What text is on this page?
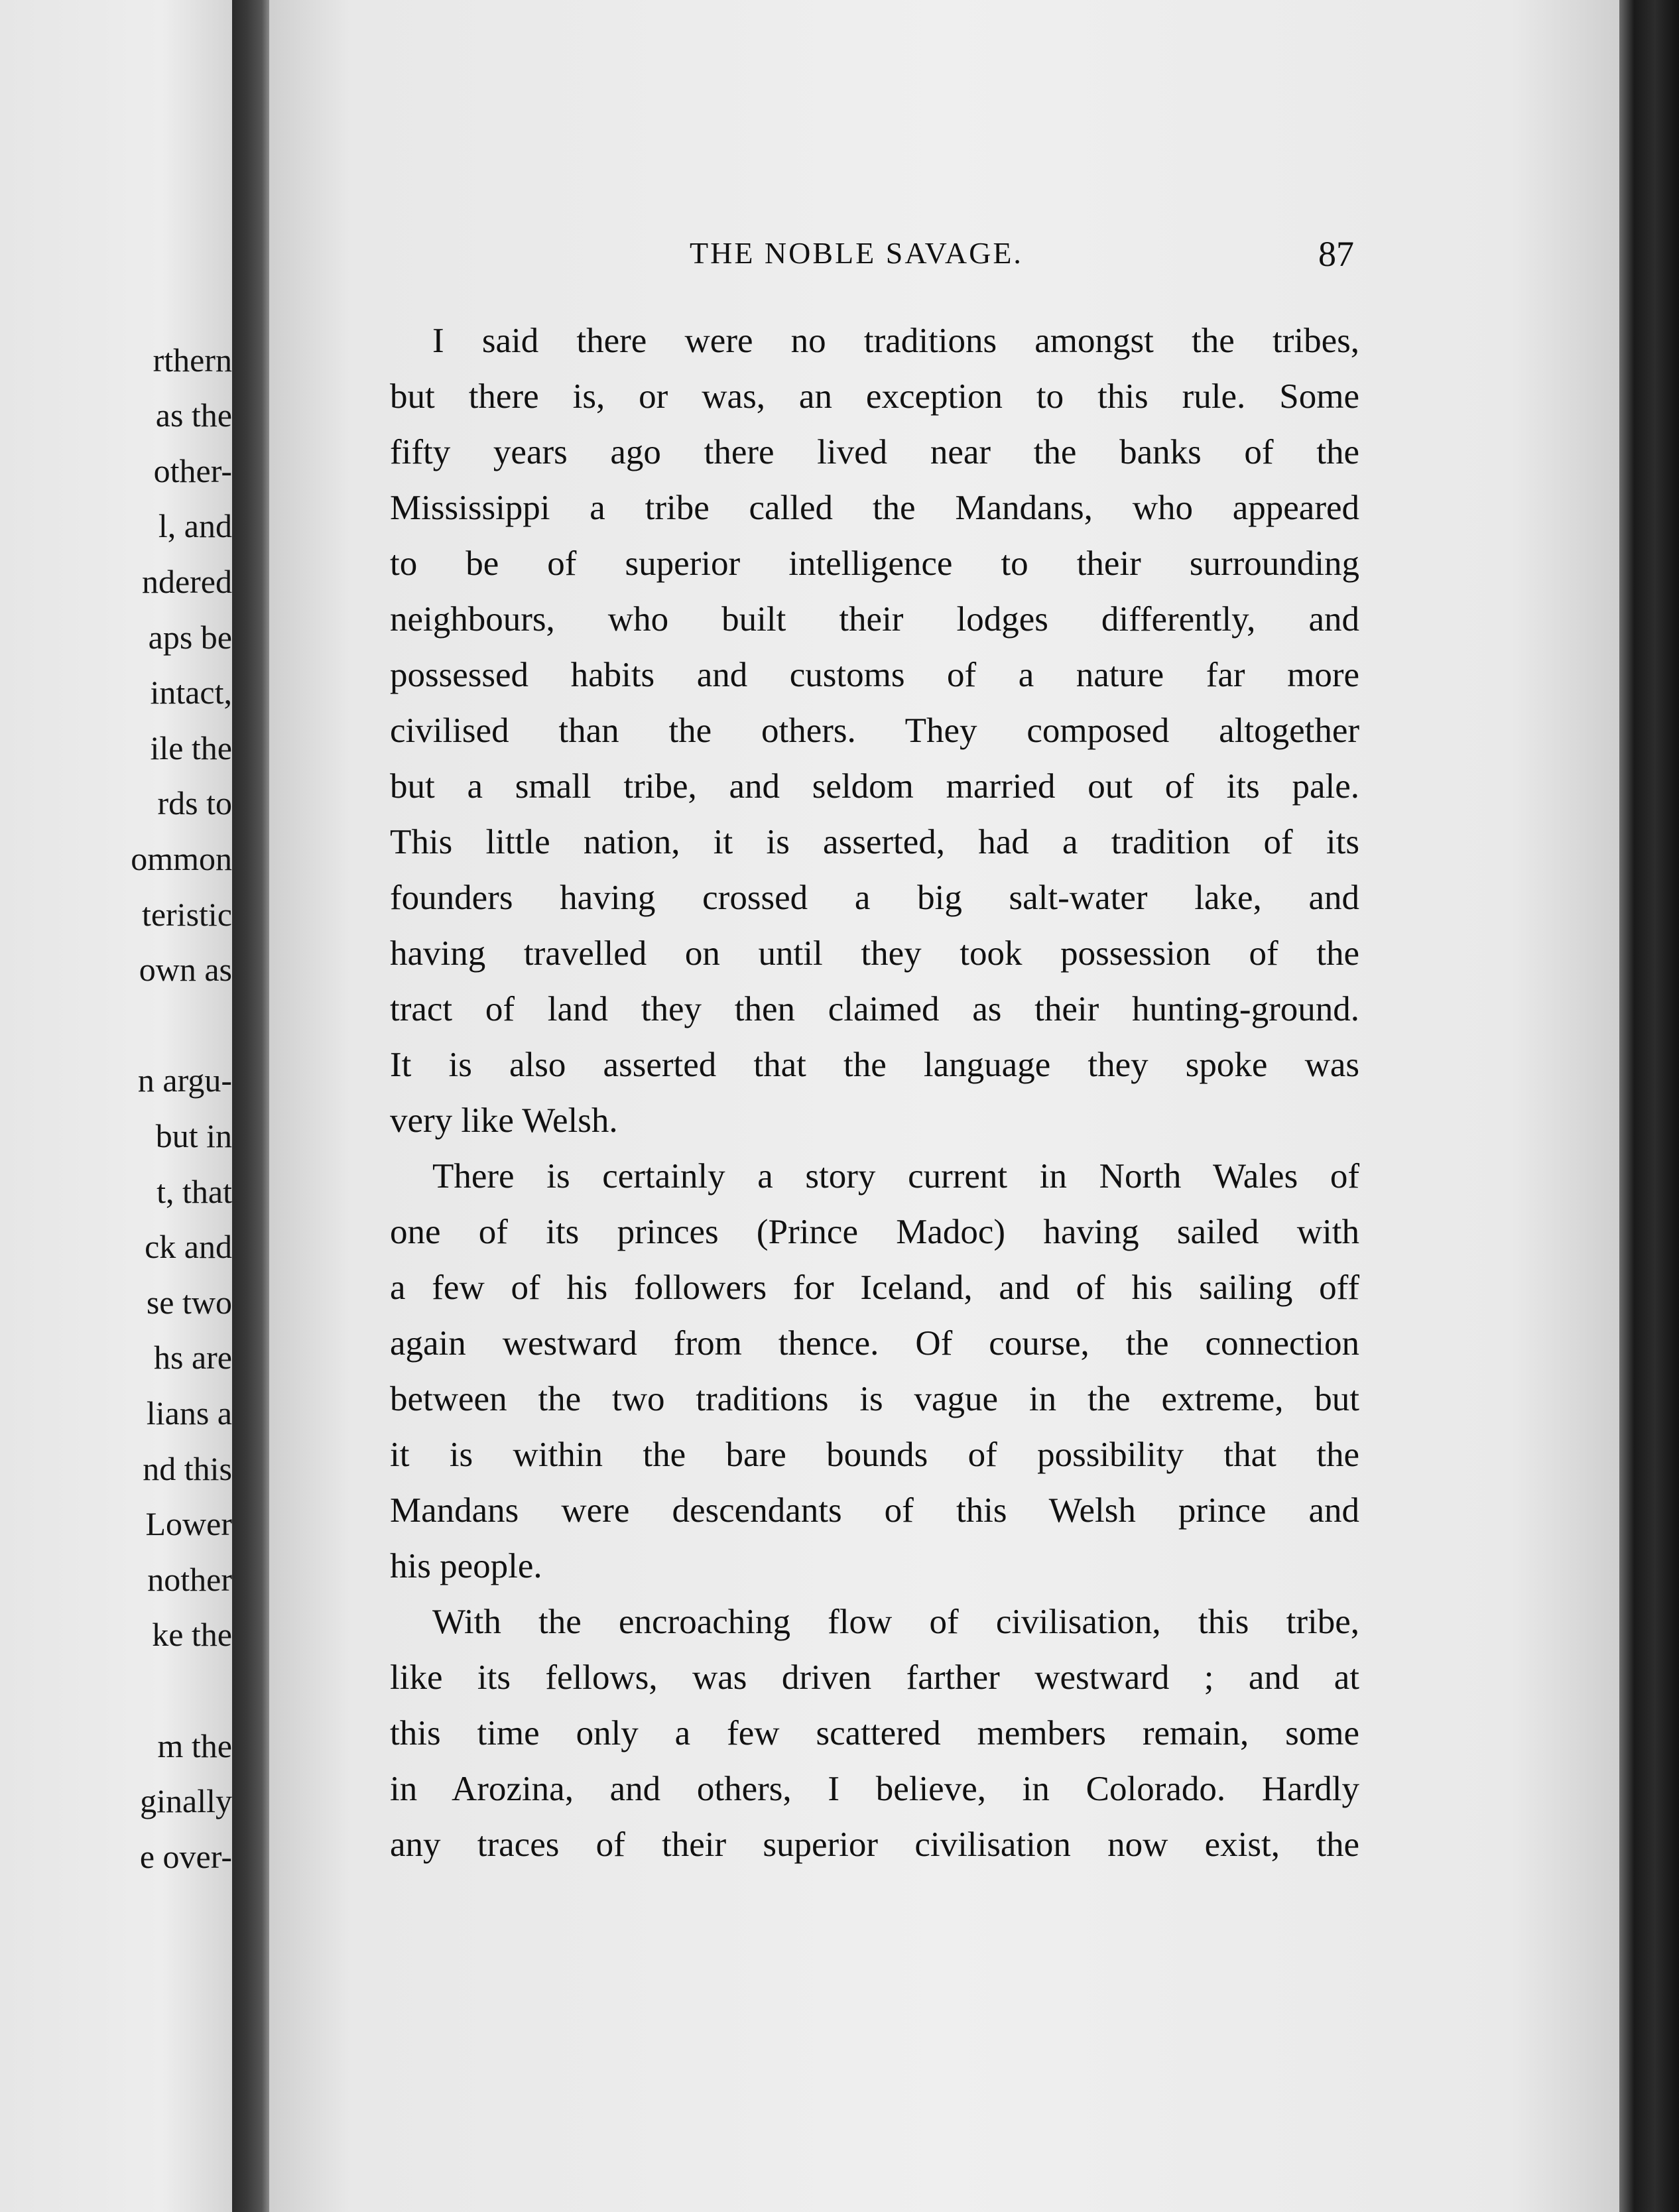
rthern
as the
other-
l, and
ndered
aps be
intact,
ile the
rds to
ommon
teristic
own as
n argu-
but in
t, that
ck and
se two
hs are
lians a
nd this
Lower
nother
ke the
m the
ginally
e over-
THE NOBLE SAVAGE.	87
I said there were no traditions amongst the tribes,
but there is, or was, an exception to this rule. Some
fifty years ago there lived near the banks of the
Mississippi a tribe called the Mandans, who appeared
to be of superior intelligence to their surrounding
neighbours, who built their lodges differently, and
possessed habits and customs of a nature far more
civilised than the others. They composed altogether
but a small tribe, and seldom married out of its pale.
This little nation, it is asserted, had a tradition of its
founders having crossed a big salt-water lake, and
having travelled on until they took possession of the
tract of land they then claimed as their hunting-ground.
It is also asserted that the language they spoke was
very like Welsh.
There is certainly a story current in North Wales of
one of its princes (Prince Madoc) having sailed with
a few of his followers for Iceland, and of his sailing off
again westward from thence. Of course, the connection
between the two traditions is vague in the extreme, but
it is within the bare bounds of possibility that the
Mandans were descendants of this Welsh prince and
his people.
With the encroaching flow of civilisation, this tribe,
like its fellows, was driven farther westward ; and at
this time only a few scattered members remain, some
in Arozina, and others, I believe, in Colorado. Hardly
any traces of their superior civilisation now exist, the
